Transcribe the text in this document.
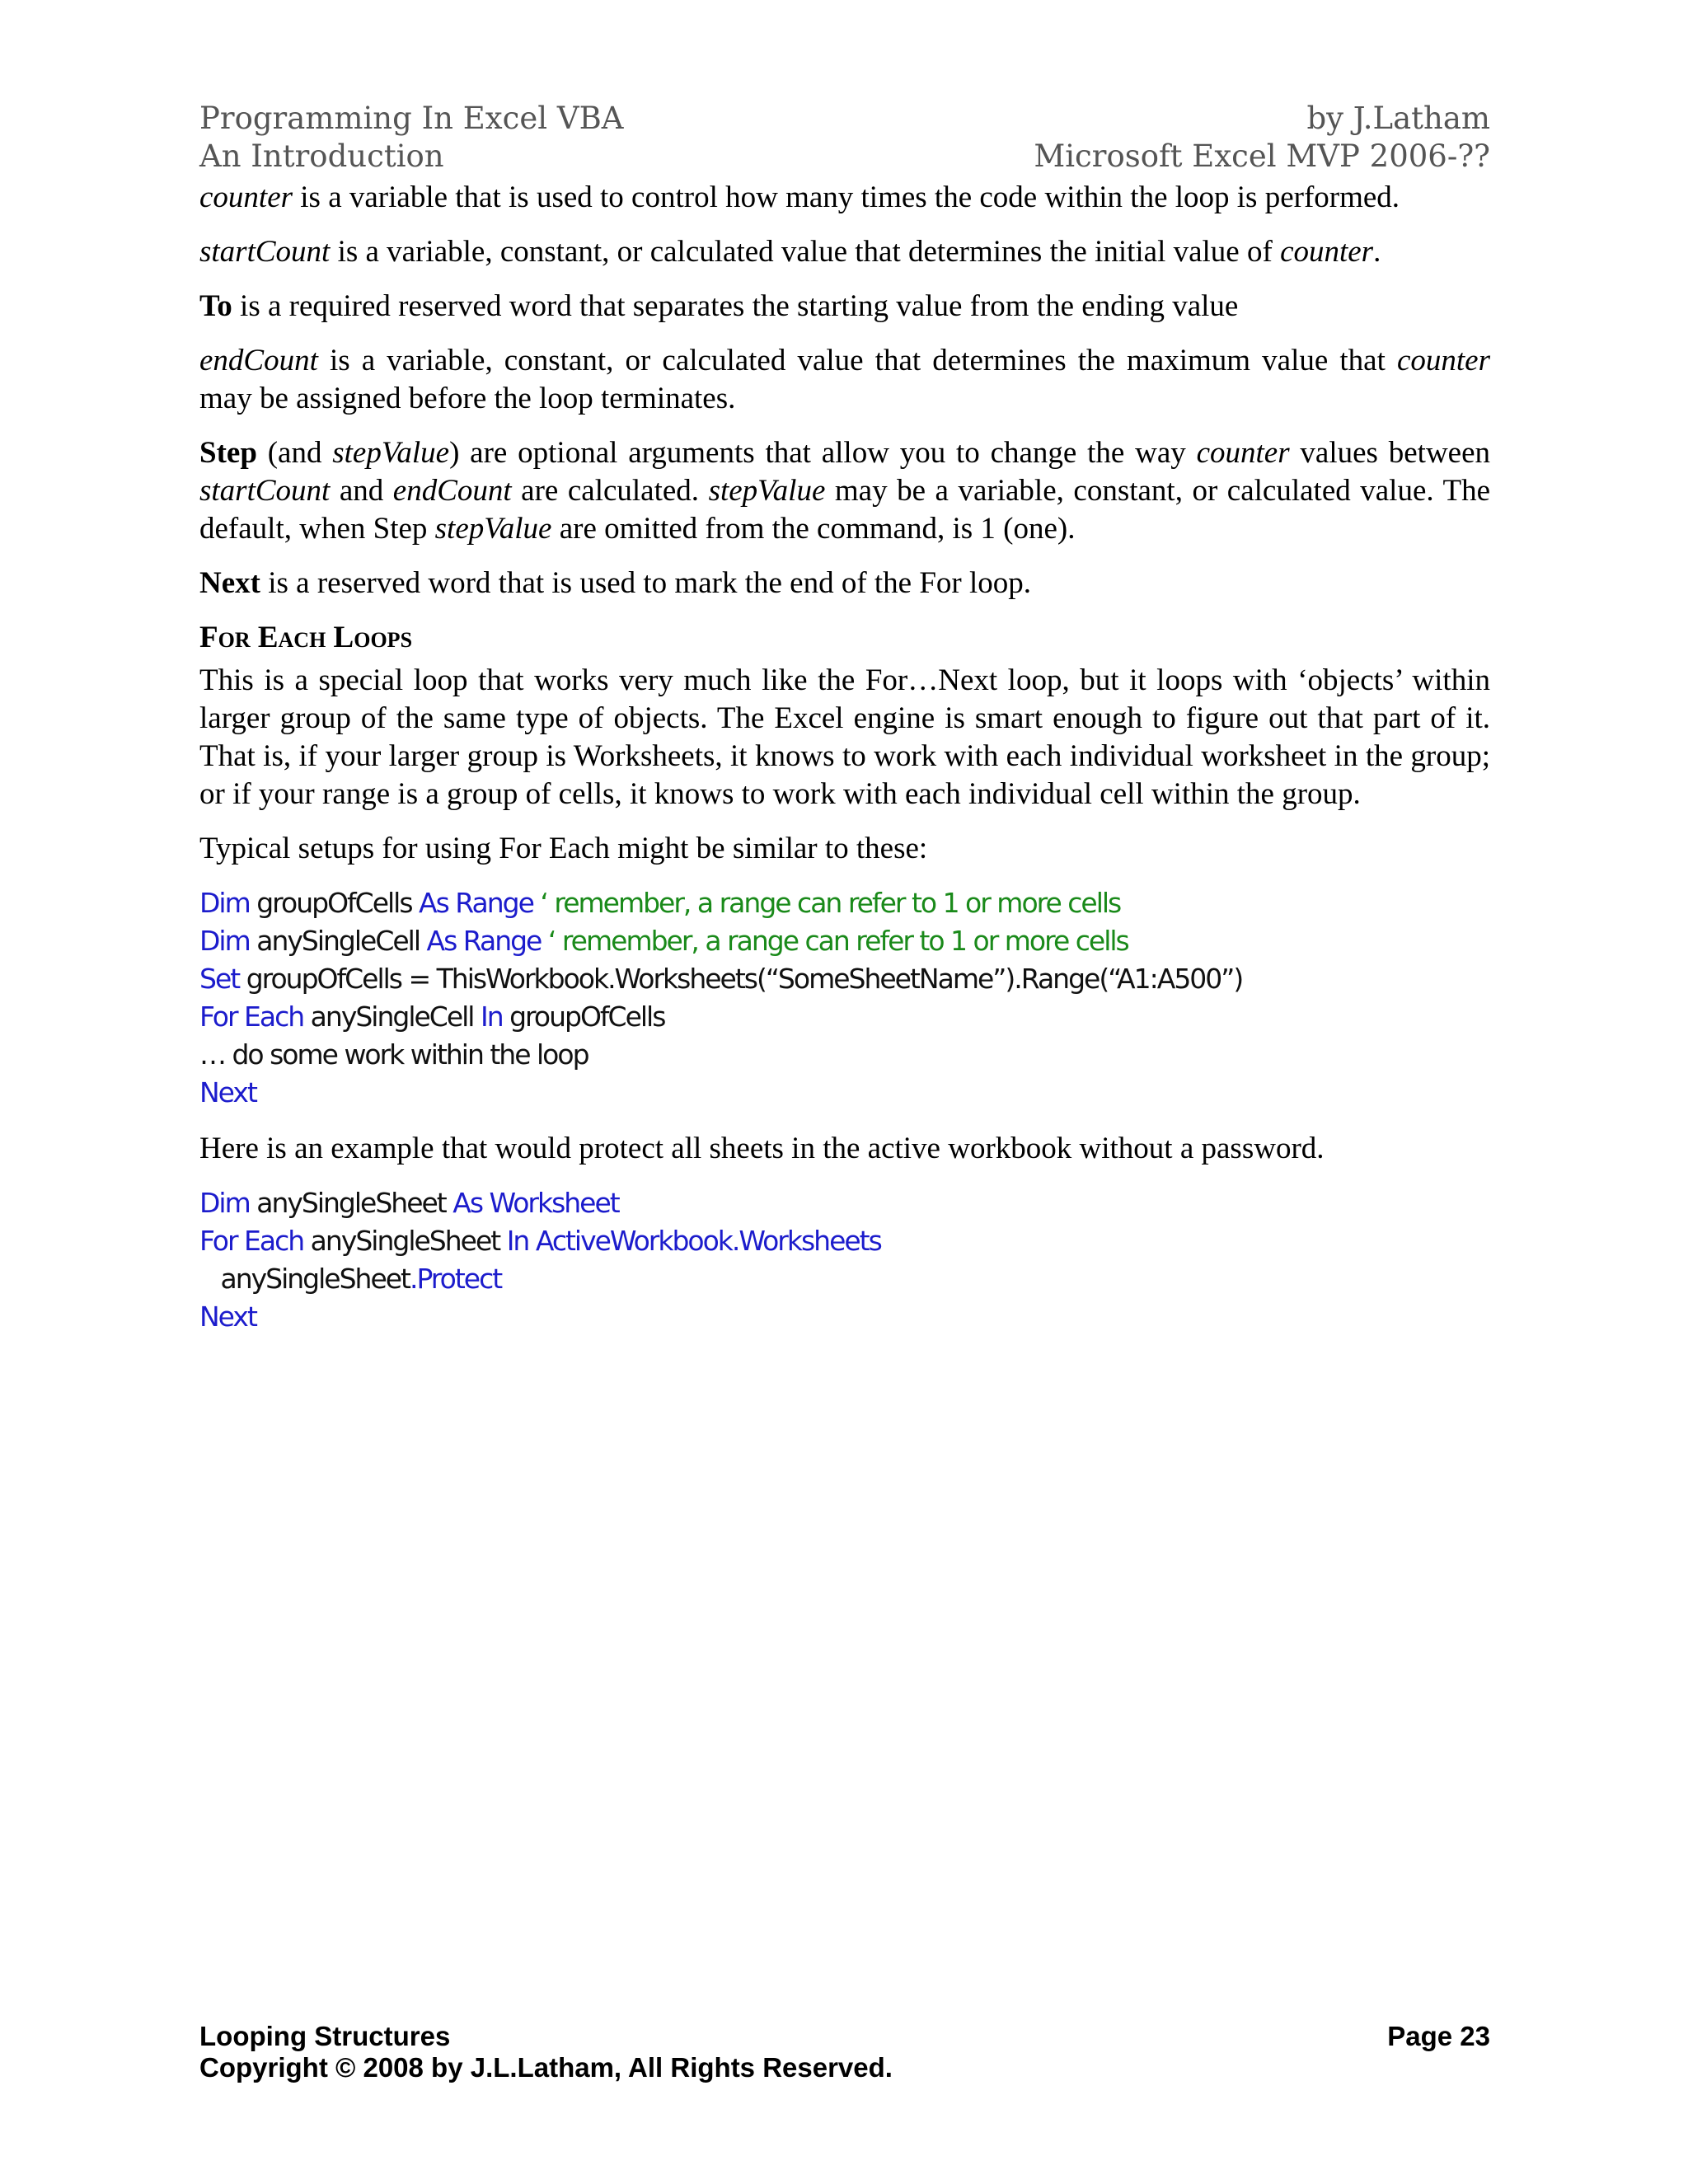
Programming In Excel VBA	by J.Latham
An Introduction	Microsoft Excel MVP 2006-??

counter is a variable that is used to control how many times the code within the loop is performed.

startCount is a variable, constant, or calculated value that determines the initial value of counter.

To is a required reserved word that separates the starting value from the ending value

endCount is a variable, constant, or calculated value that determines the maximum value that counter may be assigned before the loop terminates.

Step (and stepValue) are optional arguments that allow you to change the way counter values between startCount and endCount are calculated. stepValue may be a variable, constant, or calculated value. The default, when Step stepValue are omitted from the command, is 1 (one).

Next is a reserved word that is used to mark the end of the For loop.

For Each Loops

This is a special loop that works very much like the For…Next loop, but it loops with ‘objects’ within larger group of the same type of objects. The Excel engine is smart enough to figure out that part of it. That is, if your larger group is Worksheets, it knows to work with each individual worksheet in the group; or if your range is a group of cells, it knows to work with each individual cell within the group.

Typical setups for using For Each might be similar to these:

Dim groupOfCells As Range ‘ remember, a range can refer to 1 or more cells
Dim anySingleCell As Range ‘ remember, a range can refer to 1 or more cells
Set groupOfCells = ThisWorkbook.Worksheets(“SomeSheetName”).Range(“A1:A500”)
For Each anySingleCell In groupOfCells
… do some work within the loop
Next

Here is an example that would protect all sheets in the active workbook without a password.

Dim anySingleSheet As Worksheet
For Each anySingleSheet In ActiveWorkbook.Worksheets
anySingleSheet.Protect
Next
Looping Structures	Page 23
Copyright © 2008 by J.L.Latham, All Rights Reserved.
